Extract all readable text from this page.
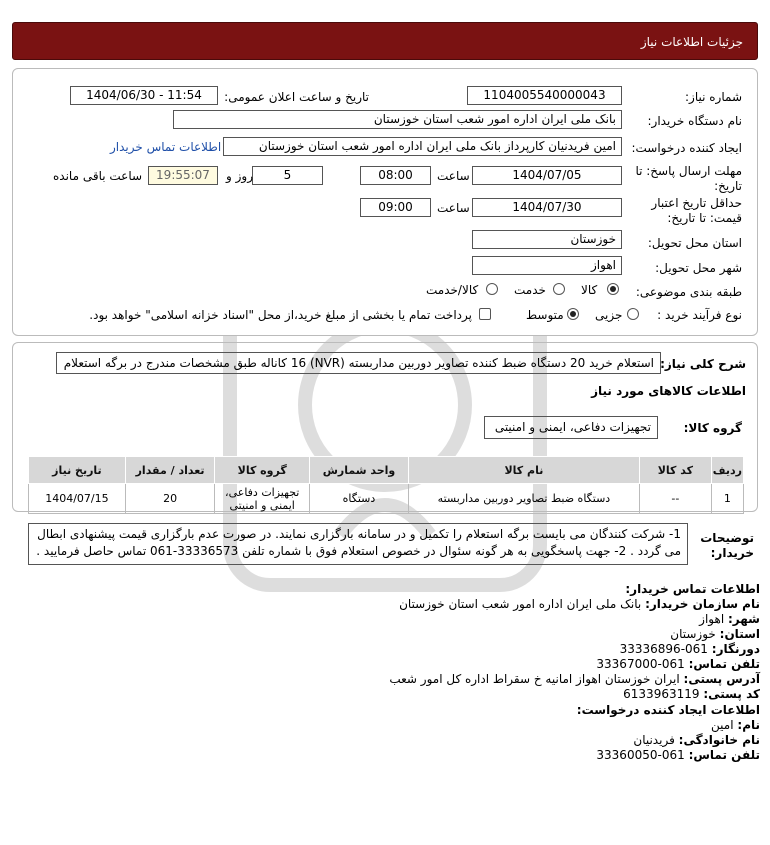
جزئیات اطلاعات نیاز
شماره نیاز:
1104005540000043
تاریخ و ساعت اعلان عمومی:
1404/06/30 - 11:54
نام دستگاه خریدار:
بانک ملی ایران اداره امور شعب استان خوزستان
ایجاد کننده درخواست:
امین فریدنیان کارپرداز بانک ملی ایران اداره امور شعب استان خوزستان
اطلاعات تماس خریدار
مهلت ارسال پاسخ: تا
تاریخ:
1404/07/05
ساعت
08:00
5
روز و
19:55:07
ساعت باقی مانده
حداقل تاریخ اعتبار
قیمت: تا تاریخ:
1404/07/30
ساعت
09:00
استان محل تحویل:
خوزستان
شهر محل تحویل:
اهواز
طبقه بندی موضوعی:
کالا
خدمت
کالا/خدمت
نوع فرآیند خرید :
جزیی
متوسط
پرداخت تمام یا بخشی از مبلغ خرید،از محل "اسناد خزانه اسلامی" خواهد بود.
شرح کلی نیاز:
استعلام خرید 20 دستگاه ضبط کننده تصاویر دوربین مداربسته (NVR) 16 کاناله طبق مشخصات مندرج در برگه استعلام
اطلاعات کالاهای مورد نیاز
گروه کالا:
تجهیزات دفاعی، ایمنی و امنیتی
ردیف	کد کالا	نام کالا	واحد شمارش	گروه کالا	تعداد / مقدار	تاریخ نیاز
1	--	دستگاه ضبط تصاویر دوربین مداربسته	دستگاه	تجهیزات دفاعی، ایمنی و امنیتی	20	1404/07/15
توضیحات
خریدار:
1- شرکت کنندگان می بایست برگه استعلام را تکمیل و در سامانه بارگزاری نمایند. در صورت عدم بارگزاری قیمت پیشنهادی ابطال می گردد . 2- جهت پاسخگویی به هر گونه سئوال در خصوص استعلام فوق با شماره تلفن 33336573-061 تماس حاصل فرمایید .
اطلاعات تماس خریدار:
نام سازمان خریدار: بانک ملی ایران اداره امور شعب استان خوزستان
شهر: اهواز
استان: خوزستان
دورنگار: 061-33336896
تلفن تماس: 061-33367000
آدرس پستی: ایران خوزستان اهواز امانیه خ سقراط اداره کل امور شعب
کد پستی: 6133963119
اطلاعات ایجاد کننده درخواست:
نام: امین
نام خانوادگی: فریدنیان
تلفن تماس: 061-33360050
